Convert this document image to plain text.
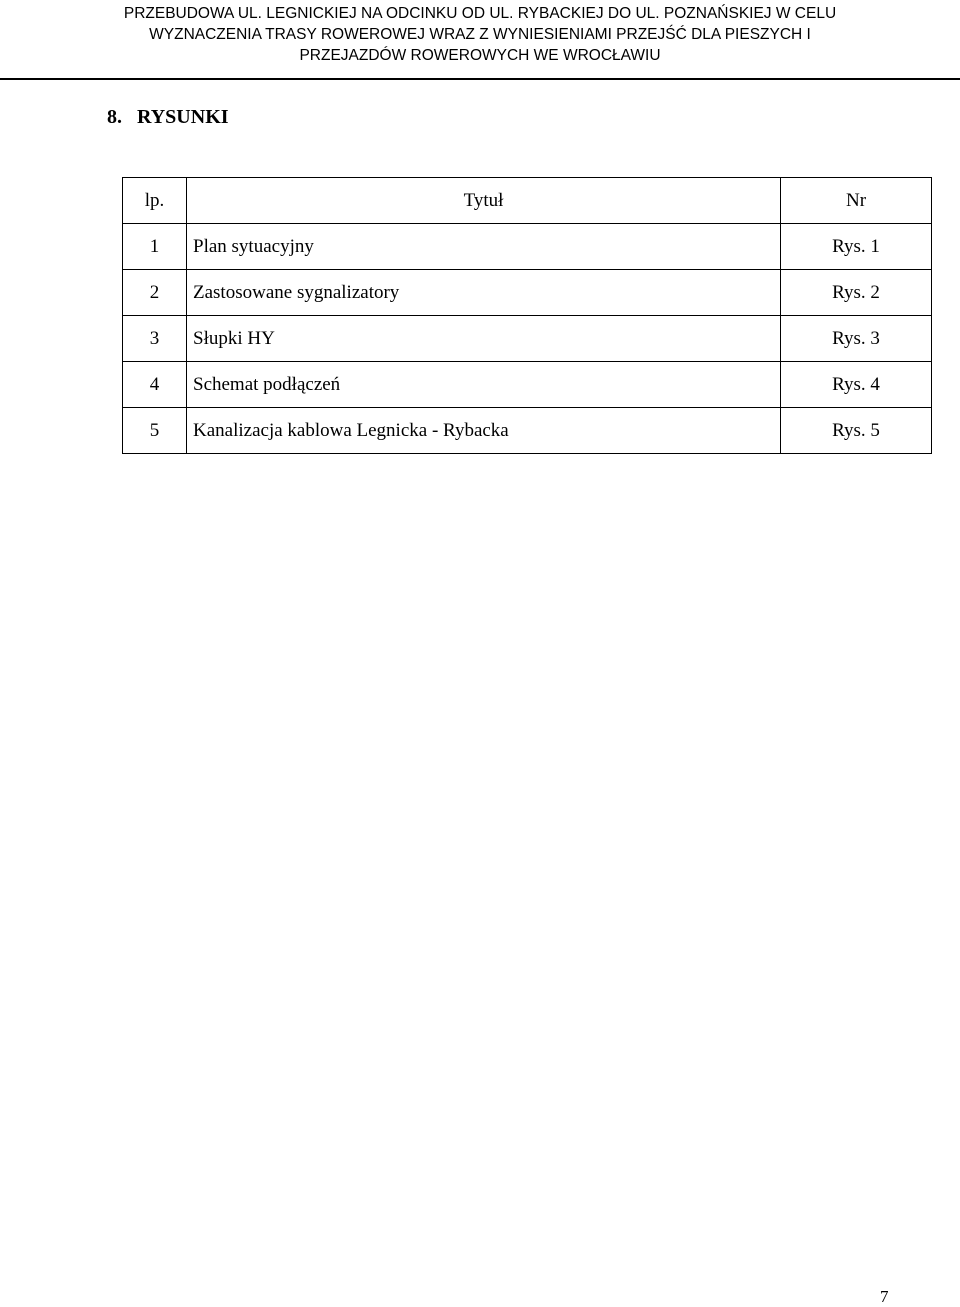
PRZEBUDOWA UL. LEGNICKIEJ NA ODCINKU OD UL. RYBACKIEJ DO UL. POZNAŃSKIEJ W CELU
WYZNACZENIA TRASY ROWEROWEJ WRAZ Z WYNIESIENIAMI PRZEJŚĆ DLA PIESZYCH I
PRZEJAZDÓW ROWEROWYCH WE WROCŁAWIU
8. RYSUNKI
lp.	Tytuł	Nr
1	Plan sytuacyjny	Rys. 1
2	Zastosowane sygnalizatory	Rys. 2
3	Słupki HY	Rys. 3
4	Schemat podłączeń	Rys. 4
5	Kanalizacja kablowa Legnicka - Rybacka	Rys. 5
7
